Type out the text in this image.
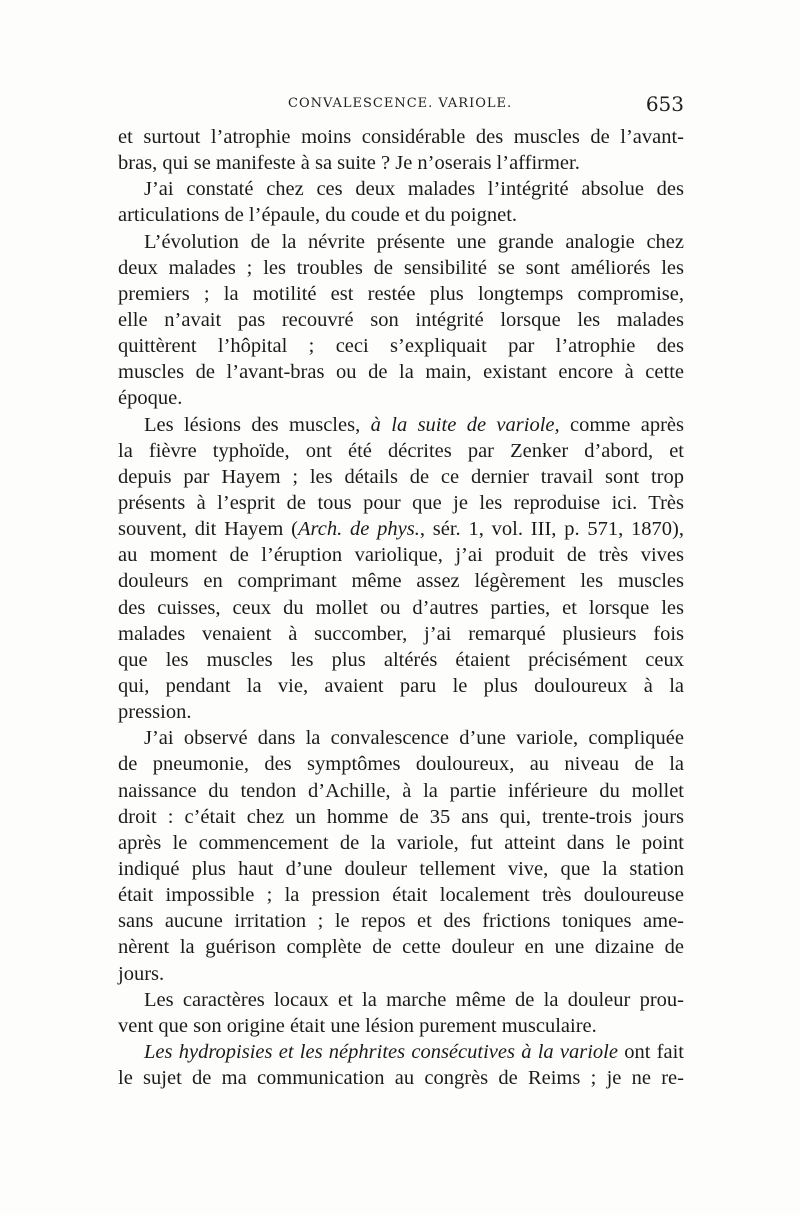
CONVALESCENCE. VARIOLE.	653
et surtout l’atrophie moins considérable des muscles de l’avant-
bras, qui se manifeste à sa suite ? Je n’oserais l’affirmer.
J’ai constaté chez ces deux malades l’intégrité absolue des
articulations de l’épaule, du coude et du poignet.
L’évolution de la névrite présente une grande analogie chez
deux malades ; les troubles de sensibilité se sont améliorés les
premiers ; la motilité est restée plus longtemps compromise,
elle n’avait pas recouvré son intégrité lorsque les malades
quittèrent l’hôpital ; ceci s’expliquait par l’atrophie des
muscles de l’avant-bras ou de la main, existant encore à cette
époque.
Les lésions des muscles, à la suite de variole, comme après
la fièvre typhoïde, ont été décrites par Zenker d’abord, et
depuis par Hayem ; les détails de ce dernier travail sont trop
présents à l’esprit de tous pour que je les reproduise ici. Très
souvent, dit Hayem (Arch. de phys., sér. 1, vol. III, p. 571, 1870),
au moment de l’éruption variolique, j’ai produit de très vives
douleurs en comprimant même assez légèrement les muscles
des cuisses, ceux du mollet ou d’autres parties, et lorsque les
malades venaient à succomber, j’ai remarqué plusieurs fois
que les muscles les plus altérés étaient précisément ceux
qui, pendant la vie, avaient paru le plus douloureux à la
pression.
J’ai observé dans la convalescence d’une variole, compliquée
de pneumonie, des symptômes douloureux, au niveau de la
naissance du tendon d’Achille, à la partie inférieure du mollet
droit : c’était chez un homme de 35 ans qui, trente-trois jours
après le commencement de la variole, fut atteint dans le point
indiqué plus haut d’une douleur tellement vive, que la station
était impossible ; la pression était localement très douloureuse
sans aucune irritation ; le repos et des frictions toniques ame-
nèrent la guérison complète de cette douleur en une dizaine de
jours.
Les caractères locaux et la marche même de la douleur prou-
vent que son origine était une lésion purement musculaire.
Les hydropisies et les néphrites consécutives à la variole ont fait
le sujet de ma communication au congrès de Reims ; je ne re-
